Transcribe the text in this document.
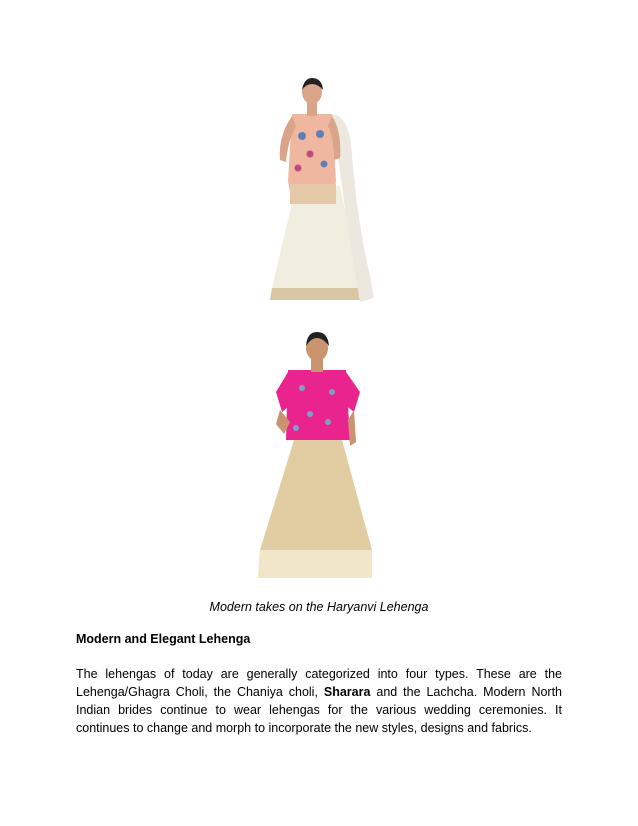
Modern takes on the Haryanvi Lehenga
Modern and Elegant Lehenga

The lehengas of today are generally categorized into four types. These are the Lehenga/Ghagra Choli, the Chaniya choli, Sharara and the Lachcha. Modern North Indian brides continue to wear lehengas for the various wedding ceremonies. It continues to change and morph to incorporate the new styles, designs and fabrics.
